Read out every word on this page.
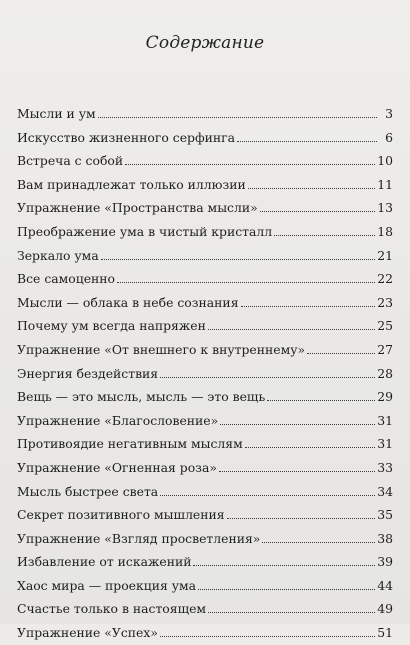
Содержание
Мысли и ум	3
Искусство жизненного серфинга	6
Встреча с собой	10
Вам принадлежат только иллюзии	11
Упражнение «Пространства мысли»	13
Преображение ума в чистый кристалл	18
Зеркало ума	21
Все самоценно	22
Мысли — облака в небе сознания	23
Почему ум всегда напряжен	25
Упражнение «От внешнего к внутреннему»	27
Энергия бездействия	28
Вещь — это мысль, мысль — это вещь	29
Упражнение «Благословение»	31
Противоядие негативным мыслям	31
Упражнение «Огненная роза»	33
Мысль быстрее света	34
Секрет позитивного мышления	35
Упражнение «Взгляд просветления»	38
Избавление от искажений	39
Хаос мира — проекция ума	44
Счастье только в настоящем	49
Упражнение «Успех»	51
